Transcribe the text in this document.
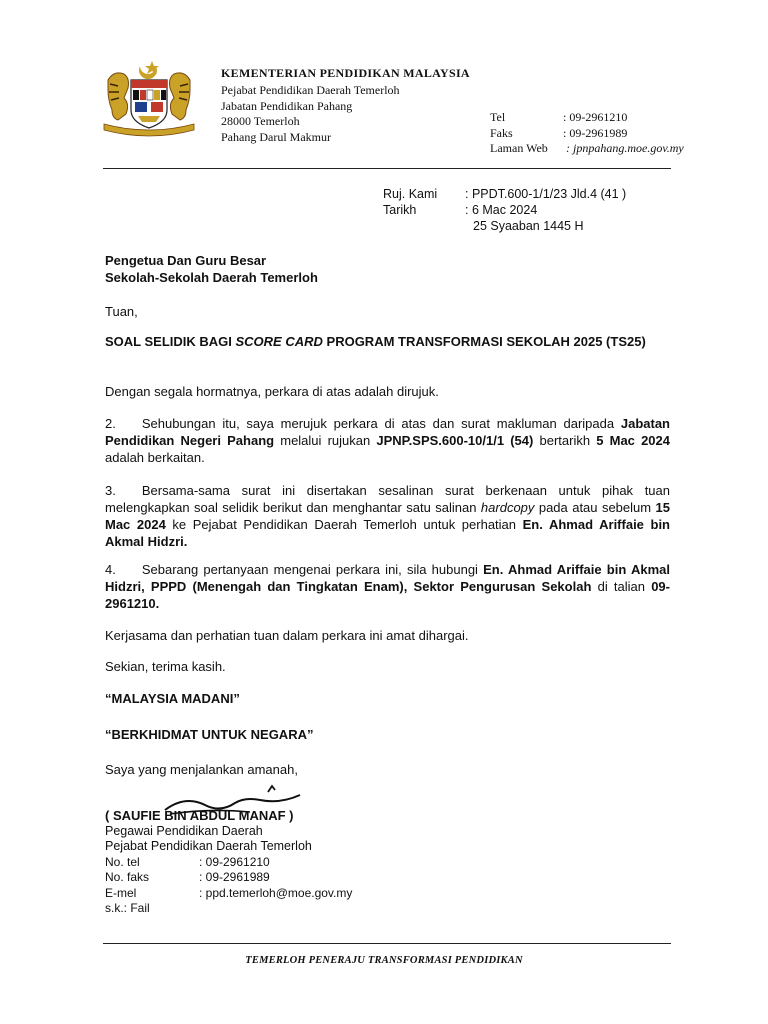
KEMENTERIAN PENDIDIKAN MALAYSIA
Pejabat Pendidikan Daerah Temerloh
Jabatan Pendidikan Pahang
28000 Temerloh
Pahang Darul Makmur
Tel	: 09-2961210
Faks	: 09-2961989
Laman Web	: jpnpahang.moe.gov.my
Ruj. Kami	: PPDT.600-1/1/23 Jld.4 (41 )
Tarikh	: 6 Mac 2024
25 Syaaban 1445 H
Pengetua Dan Guru Besar
Sekolah-Sekolah Daerah Temerloh
Tuan,
SOAL SELIDIK BAGI SCORE CARD PROGRAM TRANSFORMASI SEKOLAH 2025 (TS25)
Dengan segala hormatnya, perkara di atas adalah dirujuk.
2. Sehubungan itu, saya merujuk perkara di atas dan surat makluman daripada Jabatan Pendidikan Negeri Pahang melalui rujukan JPNP.SPS.600-10/1/1 (54) bertarikh 5 Mac 2024 adalah berkaitan.
3. Bersama-sama surat ini disertakan sesalinan surat berkenaan untuk pihak tuan melengkapkan soal selidik berikut dan menghantar satu salinan hardcopy pada atau sebelum 15 Mac 2024 ke Pejabat Pendidikan Daerah Temerloh untuk perhatian En. Ahmad Ariffaie bin Akmal Hidzri.
4. Sebarang pertanyaan mengenai perkara ini, sila hubungi En. Ahmad Ariffaie bin Akmal Hidzri, PPPD (Menengah dan Tingkatan Enam), Sektor Pengurusan Sekolah di talian 09-2961210.
Kerjasama dan perhatian tuan dalam perkara ini amat dihargai.
Sekian, terima kasih.
“MALAYSIA MADANI”
“BERKHIDMAT UNTUK NEGARA”
Saya yang menjalankan amanah,
( SAUFIE BIN ABDUL MANAF )
Pegawai Pendidikan Daerah
Pejabat Pendidikan Daerah Temerloh
No. tel	: 09-2961210
No. faks	: 09-2961989
E-mel	: ppd.temerloh@moe.gov.my
s.k.: Fail
TEMERLOH PENERAJU TRANSFORMASI PENDIDIKAN
